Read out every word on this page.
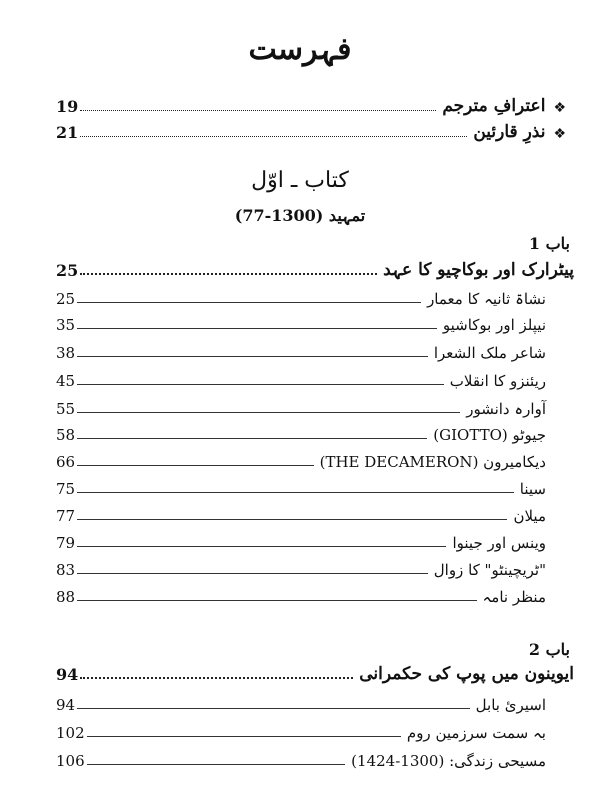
فہرست
❖
اعترافِ مترجم
19
❖
نذرِ قارئین
21
کتاب ـ اوّل
تمہید (1300-77)
باب 1
پیٹرارک اور بوکاچیو کا عہد
25
نشاۃ ثانیہ کا معمار
25
نیپلز اور بوکاشیو
35
شاعر ملک الشعرا
38
ریئنزو کا انقلاب
45
آوارہ دانشور
55
جیوٹو (GIOTTO)
58
دیکامیرون (THE DECAMERON)
66
سینا
75
میلان
77
وینس اور جینوا
79
"ٹریچینٹو" کا زوال
83
منظر نامہ
88
باب 2
ایوینون میں پوپ کی حکمرانی
94
اسیرئ بابل
94
بہ سمت سرزمین روم
102
مسیحی زندگی: (1300-1424)
106
